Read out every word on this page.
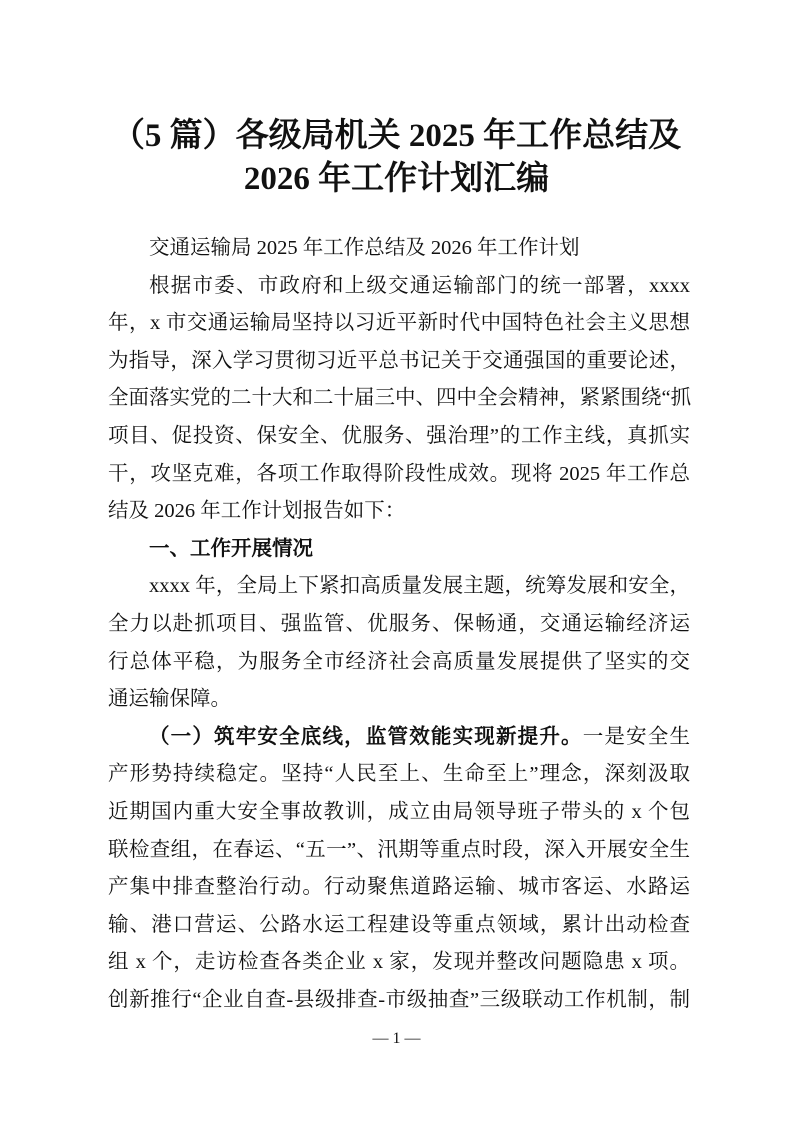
（5 篇）各级局机关 2025 年工作总结及
2026 年工作计划汇编
交通运输局 2025 年工作总结及 2026 年工作计划
根据市委、市政府和上级交通运输部门的统一部署，xxxx
年，x 市交通运输局坚持以习近平新时代中国特色社会主义思想
为指导，深入学习贯彻习近平总书记关于交通强国的重要论述，
全面落实党的二十大和二十届三中、四中全会精神，紧紧围绕“抓
项目、促投资、保安全、优服务、强治理”的工作主线，真抓实
干，攻坚克难，各项工作取得阶段性成效。现将 2025 年工作总
结及 2026 年工作计划报告如下：
一、工作开展情况
xxxx 年，全局上下紧扣高质量发展主题，统筹发展和安全，
全力以赴抓项目、强监管、优服务、保畅通，交通运输经济运
行总体平稳，为服务全市经济社会高质量发展提供了坚实的交
通运输保障。
（一）筑牢安全底线，监管效能实现新提升。一是安全生
产形势持续稳定。坚持“人民至上、生命至上”理念，深刻汲取
近期国内重大安全事故教训，成立由局领导班子带头的 x 个包
联检查组，在春运、“五一”、汛期等重点时段，深入开展安全生
产集中排查整治行动。行动聚焦道路运输、城市客运、水路运
输、港口营运、公路水运工程建设等重点领域，累计出动检查
组 x 个，走访检查各类企业 x 家，发现并整改问题隐患 x 项。
创新推行“企业自查-县级排查-市级抽查”三级联动工作机制，制
— 1 —
